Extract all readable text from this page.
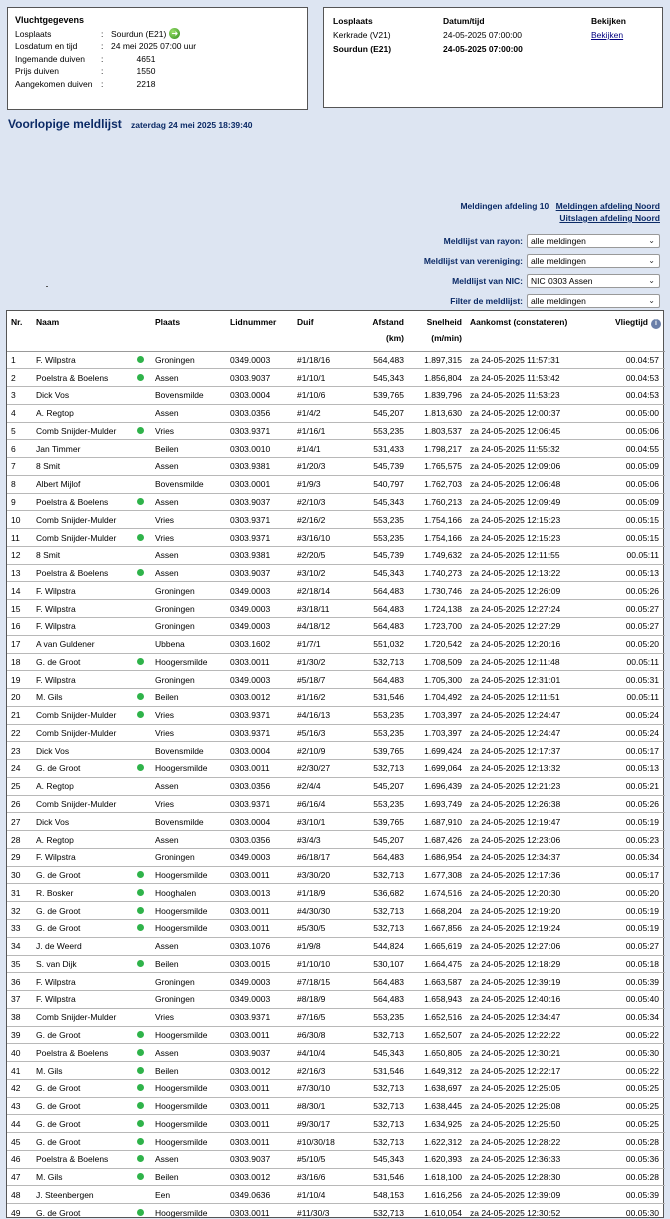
Vluchtgegevens
Losplaats	: Sourdun (E21) ➜
Losdatum en tijd	: 24 mei 2025 07:00 uur
Ingemande duiven	:	4651
Prijs duiven	:	1550
Aangekomen duiven :	2218
Losplaats	Datum/tijd	Bekijken
Kerkrade (V21)	24-05-2025 07:00:00	Bekijken
Sourdun (E21)	24-05-2025 07:00:00	
Voorlopige meldlijst zaterdag 24 mei 2025 18:39:40
Meldingen afdeling 10 Meldingen afdeling Noord
Uitslagen afdeling Noord
Meldlijst van rayon: alle meldingen	⌄
Meldlijst van vereniging: alle meldingen	⌄
Meldlijst van NIC: NIC 0303 Assen	⌄
Filter de meldlijst: alle meldingen	⌄
Nr.	Naam		Plaats	Lidnummer	Duif	Afstand
(km)	Snelheid
(m/min)	Aankomst (constateren)	Vliegtijd i
1	F. Wilpstra		Groningen	0349.0003	#1/18/16	564,483	1.897,315	za 24-05-2025 11:57:31	00.04:57
2	Poelstra & Boelens		Assen	0303.9037	#1/10/1	545,343	1.856,804	za 24-05-2025 11:53:42	00.04:53
3	Dick Vos		Bovensmilde	0303.0004	#1/10/6	539,765	1.839,796	za 24-05-2025 11:53:23	00.04:53
4	A. Regtop		Assen	0303.0356	#1/4/2	545,207	1.813,630	za 24-05-2025 12:00:37	00.05:00
5	Comb Snijder-Mulder		Vries	0303.9371	#1/16/1	553,235	1.803,537	za 24-05-2025 12:06:45	00.05:06
6	Jan Timmer		Beilen	0303.0010	#1/4/1	531,433	1.798,217	za 24-05-2025 11:55:32	00.04:55
7	8 Smit		Assen	0303.9381	#1/20/3	545,739	1.765,575	za 24-05-2025 12:09:06	00.05:09
8	Albert Mijlof		Bovensmilde	0303.0001	#1/9/3	540,797	1.762,703	za 24-05-2025 12:06:48	00.05:06
9	Poelstra & Boelens		Assen	0303.9037	#2/10/3	545,343	1.760,213	za 24-05-2025 12:09:49	00.05:09
10	Comb Snijder-Mulder		Vries	0303.9371	#2/16/2	553,235	1.754,166	za 24-05-2025 12:15:23	00.05:15
11	Comb Snijder-Mulder		Vries	0303.9371	#3/16/10	553,235	1.754,166	za 24-05-2025 12:15:23	00.05:15
12	8 Smit		Assen	0303.9381	#2/20/5	545,739	1.749,632	za 24-05-2025 12:11:55	00.05:11
13	Poelstra & Boelens		Assen	0303.9037	#3/10/2	545,343	1.740,273	za 24-05-2025 12:13:22	00.05:13
14	F. Wilpstra		Groningen	0349.0003	#2/18/14	564,483	1.730,746	za 24-05-2025 12:26:09	00.05:26
15	F. Wilpstra		Groningen	0349.0003	#3/18/11	564,483	1.724,138	za 24-05-2025 12:27:24	00.05:27
16	F. Wilpstra		Groningen	0349.0003	#4/18/12	564,483	1.723,700	za 24-05-2025 12:27:29	00.05:27
17	A van Guldener		Ubbena	0303.1602	#1/7/1	551,032	1.720,542	za 24-05-2025 12:20:16	00.05:20
18	G. de Groot		Hoogersmilde	0303.0011	#1/30/2	532,713	1.708,509	za 24-05-2025 12:11:48	00.05:11
19	F. Wilpstra		Groningen	0349.0003	#5/18/7	564,483	1.705,300	za 24-05-2025 12:31:01	00.05:31
20	M. Gils		Beilen	0303.0012	#1/16/2	531,546	1.704,492	za 24-05-2025 12:11:51	00.05:11
21	Comb Snijder-Mulder		Vries	0303.9371	#4/16/13	553,235	1.703,397	za 24-05-2025 12:24:47	00.05:24
22	Comb Snijder-Mulder		Vries	0303.9371	#5/16/3	553,235	1.703,397	za 24-05-2025 12:24:47	00.05:24
23	Dick Vos		Bovensmilde	0303.0004	#2/10/9	539,765	1.699,424	za 24-05-2025 12:17:37	00.05:17
24	G. de Groot		Hoogersmilde	0303.0011	#2/30/27	532,713	1.699,064	za 24-05-2025 12:13:32	00.05:13
25	A. Regtop		Assen	0303.0356	#2/4/4	545,207	1.696,439	za 24-05-2025 12:21:23	00.05:21
26	Comb Snijder-Mulder		Vries	0303.9371	#6/16/4	553,235	1.693,749	za 24-05-2025 12:26:38	00.05:26
27	Dick Vos		Bovensmilde	0303.0004	#3/10/1	539,765	1.687,910	za 24-05-2025 12:19:47	00.05:19
28	A. Regtop		Assen	0303.0356	#3/4/3	545,207	1.687,426	za 24-05-2025 12:23:06	00.05:23
29	F. Wilpstra		Groningen	0349.0003	#6/18/17	564,483	1.686,954	za 24-05-2025 12:34:37	00.05:34
30	G. de Groot		Hoogersmilde	0303.0011	#3/30/20	532,713	1.677,308	za 24-05-2025 12:17:36	00.05:17
31	R. Bosker		Hooghalen	0303.0013	#1/18/9	536,682	1.674,516	za 24-05-2025 12:20:30	00.05:20
32	G. de Groot		Hoogersmilde	0303.0011	#4/30/30	532,713	1.668,204	za 24-05-2025 12:19:20	00.05:19
33	G. de Groot		Hoogersmilde	0303.0011	#5/30/5	532,713	1.667,856	za 24-05-2025 12:19:24	00.05:19
34	J. de Weerd		Assen	0303.1076	#1/9/8	544,824	1.665,619	za 24-05-2025 12:27:06	00.05:27
35	S. van Dijk		Beilen	0303.0015	#1/10/10	530,107	1.664,475	za 24-05-2025 12:18:29	00.05:18
36	F. Wilpstra		Groningen	0349.0003	#7/18/15	564,483	1.663,587	za 24-05-2025 12:39:19	00.05:39
37	F. Wilpstra		Groningen	0349.0003	#8/18/9	564,483	1.658,943	za 24-05-2025 12:40:16	00.05:40
38	Comb Snijder-Mulder		Vries	0303.9371	#7/16/5	553,235	1.652,516	za 24-05-2025 12:34:47	00.05:34
39	G. de Groot		Hoogersmilde	0303.0011	#6/30/8	532,713	1.652,507	za 24-05-2025 12:22:22	00.05:22
40	Poelstra & Boelens		Assen	0303.9037	#4/10/4	545,343	1.650,805	za 24-05-2025 12:30:21	00.05:30
41	M. Gils		Beilen	0303.0012	#2/16/3	531,546	1.649,312	za 24-05-2025 12:22:17	00.05:22
42	G. de Groot		Hoogersmilde	0303.0011	#7/30/10	532,713	1.638,697	za 24-05-2025 12:25:05	00.05:25
43	G. de Groot		Hoogersmilde	0303.0011	#8/30/1	532,713	1.638,445	za 24-05-2025 12:25:08	00.05:25
44	G. de Groot		Hoogersmilde	0303.0011	#9/30/17	532,713	1.634,925	za 24-05-2025 12:25:50	00.05:25
45	G. de Groot		Hoogersmilde	0303.0011	#10/30/18	532,713	1.622,312	za 24-05-2025 12:28:22	00.05:28
46	Poelstra & Boelens		Assen	0303.9037	#5/10/5	545,343	1.620,393	za 24-05-2025 12:36:33	00.05:36
47	M. Gils		Beilen	0303.0012	#3/16/6	531,546	1.618,100	za 24-05-2025 12:28:30	00.05:28
48	J. Steenbergen		Een	0349.0636	#1/10/4	548,153	1.616,256	za 24-05-2025 12:39:09	00.05:39
49	G. de Groot		Hoogersmilde	0303.0011	#11/30/3	532,713	1.610,054	za 24-05-2025 12:30:52	00.05:30
